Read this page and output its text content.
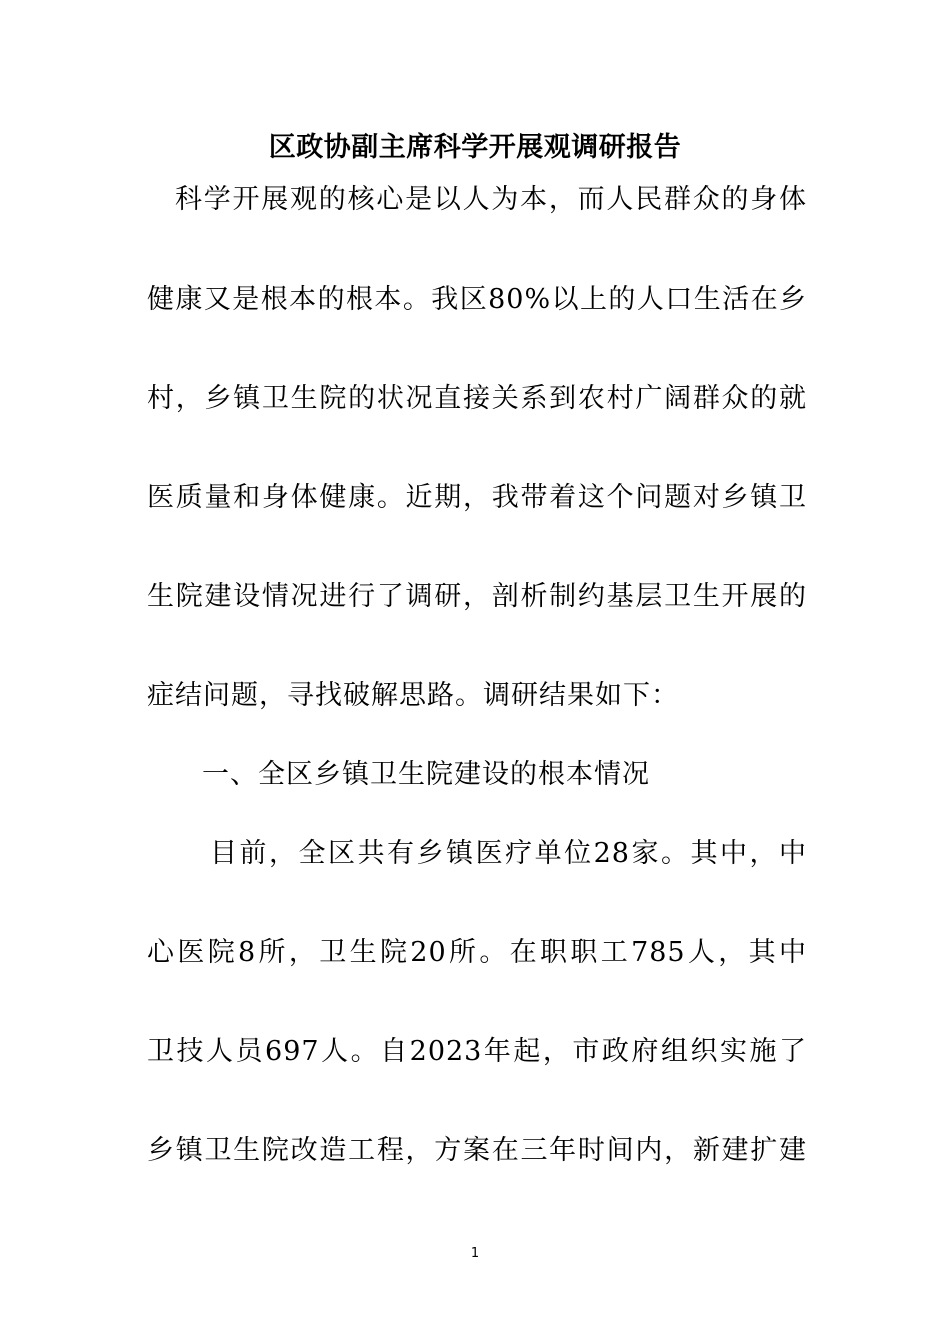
区政协副主席科学开展观调研报告
科学开展观的核心是以人为本，而人民群众的身体
健康又是根本的根本。我区80%以上的人口生活在乡
村，乡镇卫生院的状况直接关系到农村广阔群众的就
医质量和身体健康。近期，我带着这个问题对乡镇卫
生院建设情况进行了调研，剖析制约基层卫生开展的
症结问题，寻找破解思路。调研结果如下：
一、全区乡镇卫生院建设的根本情况
目前，全区共有乡镇医疗单位28家。其中，中
心医院8所，卫生院20所。在职职工785人，其中
卫技人员697人。自2023年起，市政府组织实施了
乡镇卫生院改造工程，方案在三年时间内，新建扩建
1
